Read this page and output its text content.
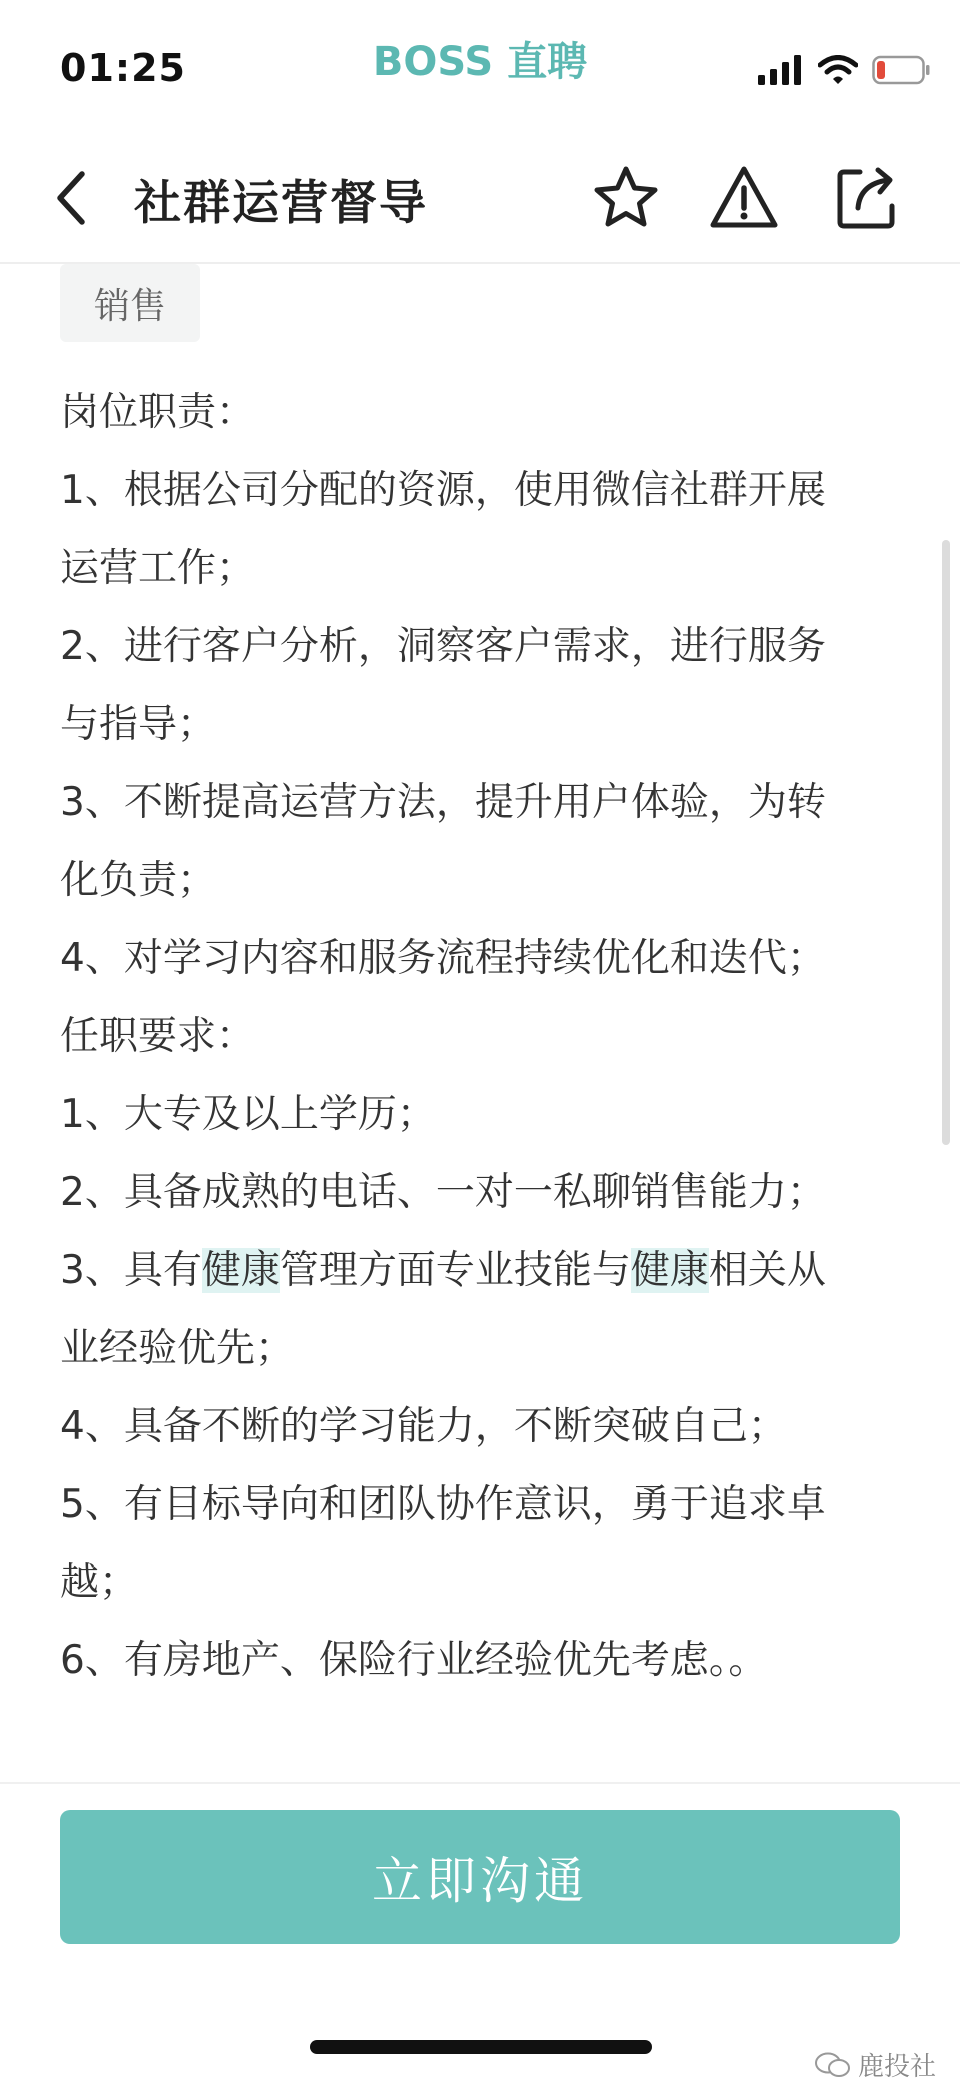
01:25	BOSS 直聘
社群运营督导
销售
岗位职责：
1、根据公司分配的资源，使用微信社群开展
运营工作；
2、进行客户分析，洞察客户需求，进行服务
与指导；
3、不断提高运营方法，提升用户体验，为转
化负责；
4、对学习内容和服务流程持续优化和迭代；
任职要求：
1、大专及以上学历；
2、具备成熟的电话、一对一私聊销售能力；
3、具有健康管理方面专业技能与健康相关从
业经验优先；
4、具备不断的学习能力，不断突破自己；
5、有目标导向和团队协作意识，勇于追求卓
越；
6、有房地产、保险行业经验优先考虑。。
立即沟通
鹿投社
